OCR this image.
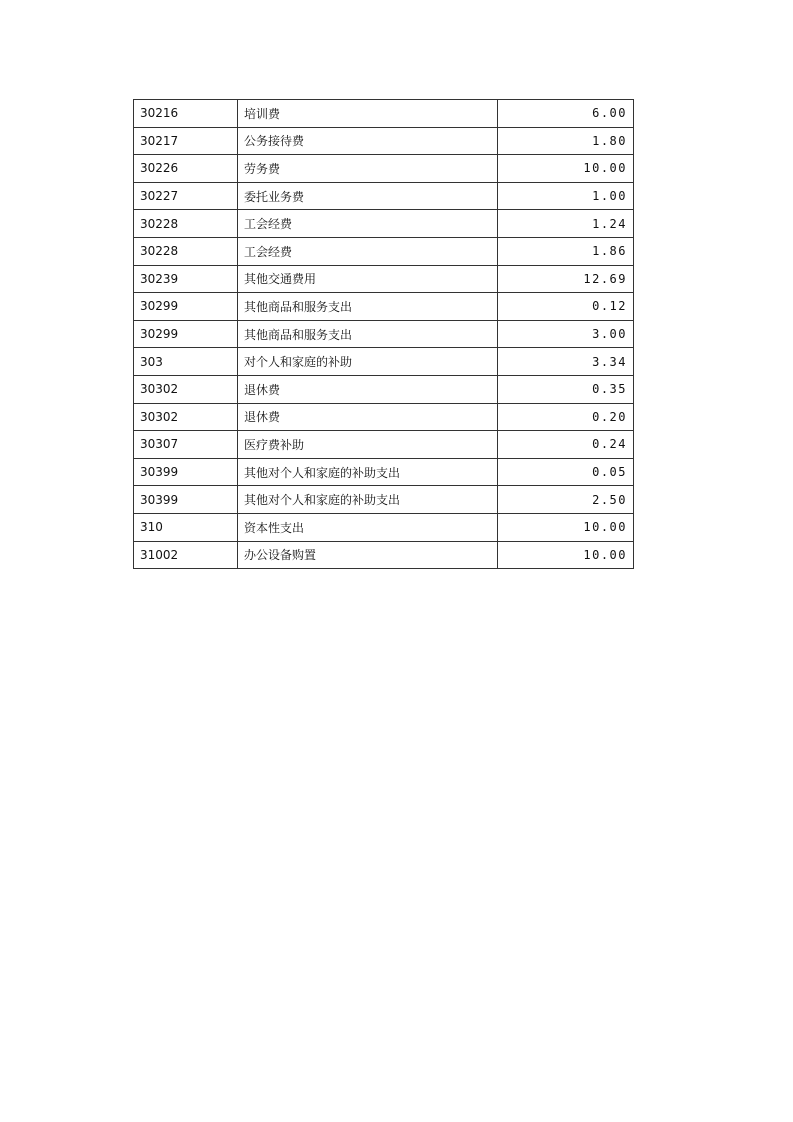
30216	培训费	6.00
30217	公务接待费	1.80
30226	劳务费	10.00
30227	委托业务费	1.00
30228	工会经费	1.24
30228	工会经费	1.86
30239	其他交通费用	12.69
30299	其他商品和服务支出	0.12
30299	其他商品和服务支出	3.00
303	对个人和家庭的补助	3.34
30302	退休费	0.35
30302	退休费	0.20
30307	医疗费补助	0.24
30399	其他对个人和家庭的补助支出	0.05
30399	其他对个人和家庭的补助支出	2.50
310	资本性支出	10.00
31002	办公设备购置	10.00
